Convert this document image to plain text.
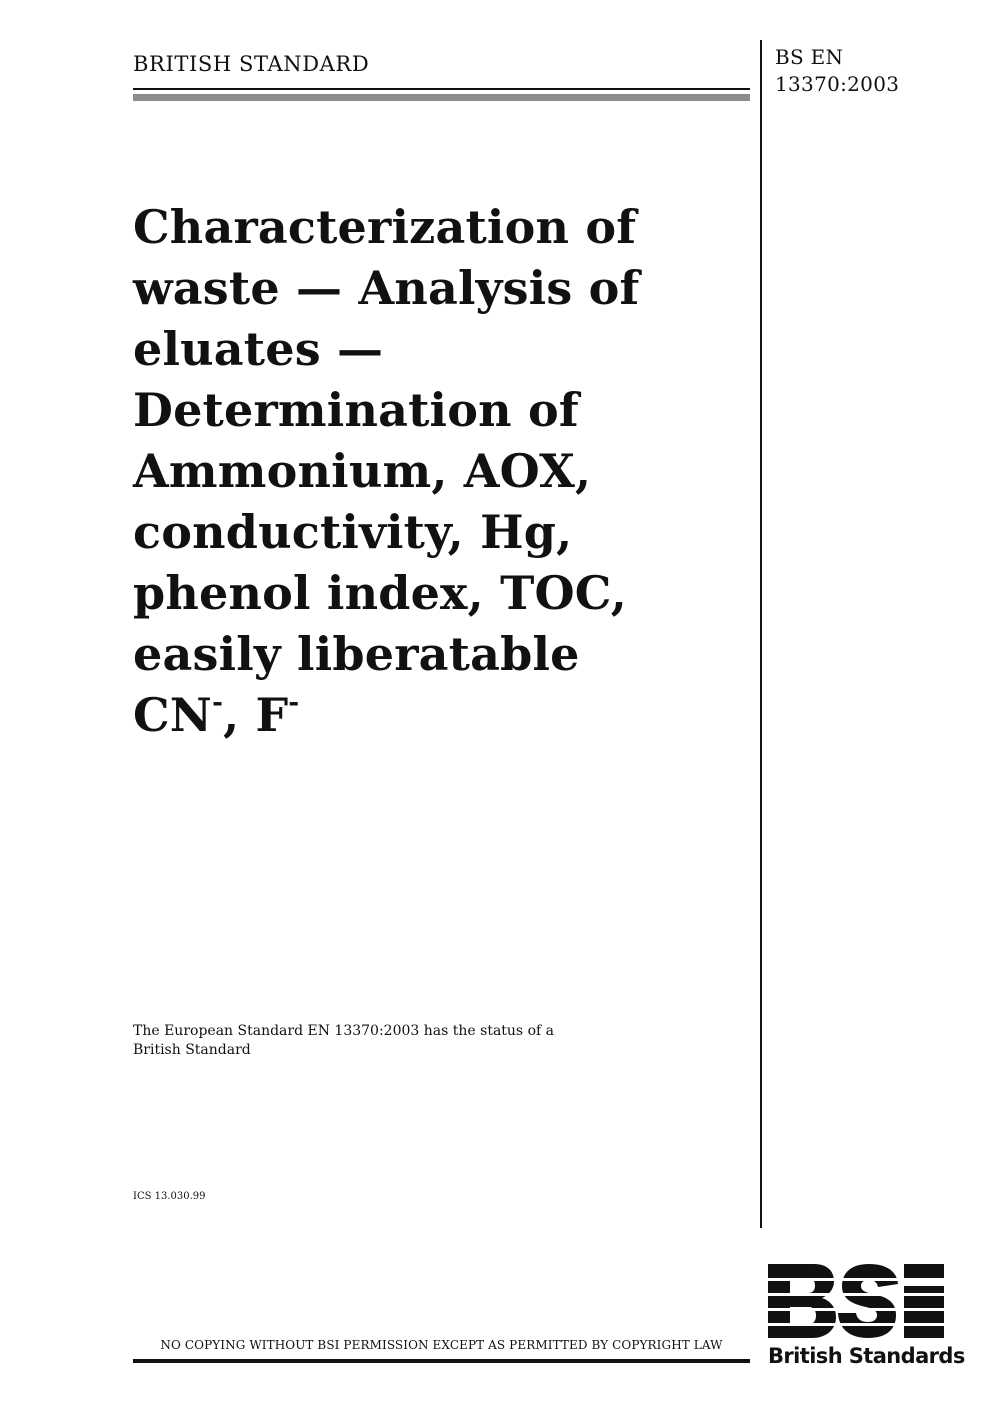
BRITISH STANDARD	BS EN
13370:2003
Characterization of
waste — Analysis of
eluates —
Determination of
Ammonium, AOX,
conductivity, Hg,
phenol index, TOC,
easily liberatable
CN-, F-
The European Standard EN 13370:2003 has the status of a
British Standard
ICS 13.030.99
NO COPYING WITHOUT BSI PERMISSION EXCEPT AS PERMITTED BY COPYRIGHT LAW	British Standards
